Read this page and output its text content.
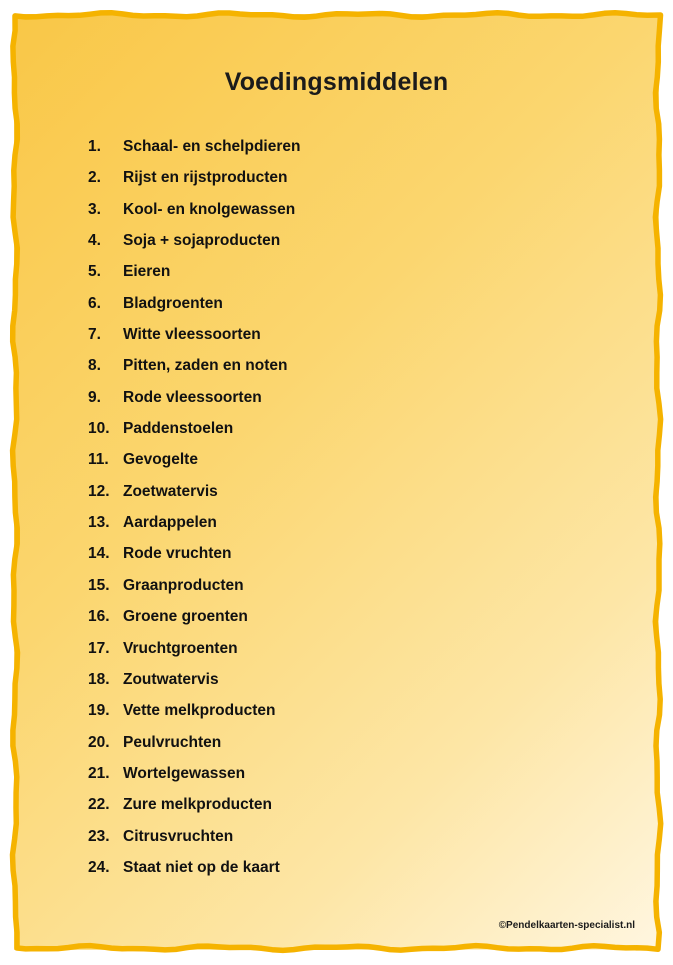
Voedingsmiddelen
1. Schaal- en schelpdieren
2. Rijst en rijstproducten
3. Kool- en knolgewassen
4. Soja + sojaproducten
5. Eieren
6. Bladgroenten
7. Witte vleessoorten
8. Pitten, zaden en noten
9. Rode vleessoorten
10. Paddenstoelen
11. Gevogelte
12. Zoetwatervis
13. Aardappelen
14. Rode vruchten
15. Graanproducten
16. Groene groenten
17. Vruchtgroenten
18. Zoutwatervis
19. Vette melkproducten
20. Peulvruchten
21. Wortelgewassen
22. Zure melkproducten
23. Citrusvruchten
24. Staat niet op de kaart
©Pendelkaarten-specialist.nl
